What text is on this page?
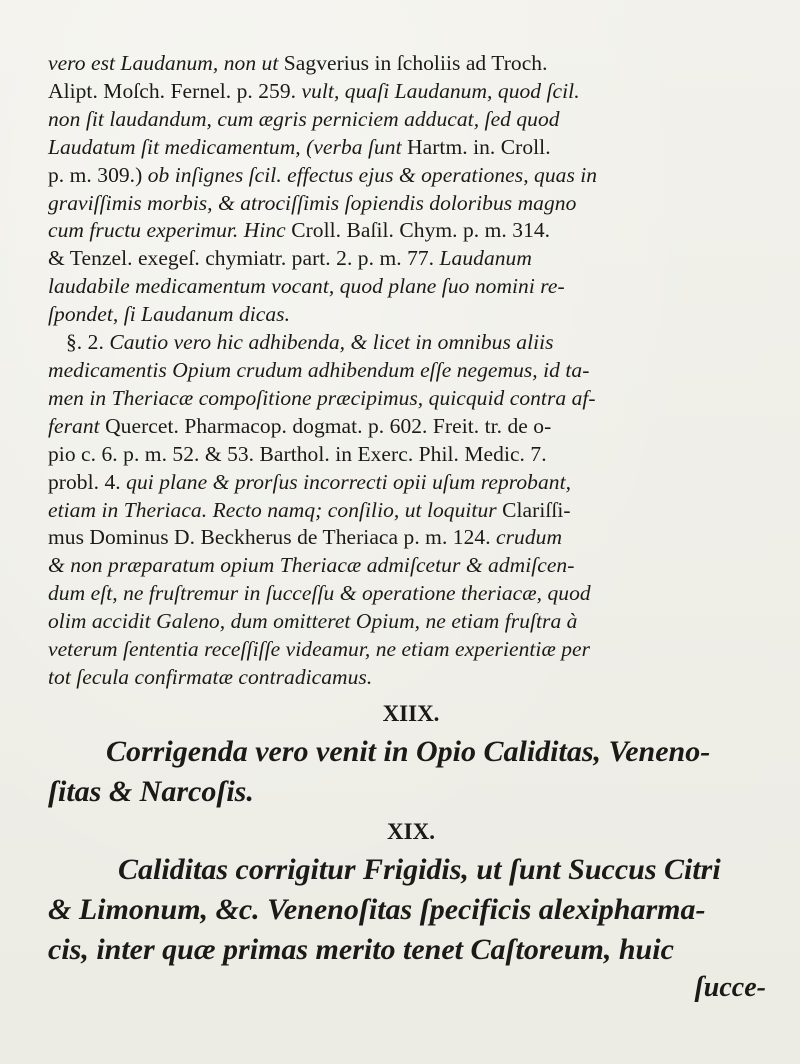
vero est Laudanum, non ut Sagverius in ſcholiis ad Troch.
Alipt. Moſch. Fernel. p. 259. vult, quaſi Laudanum, quod ſcil.
non ſit laudandum, cum ægris perniciem adducat, ſed quod
Laudatum ſit medicamentum, (verba ſunt Hartm. in. Croll.
p. m. 309.) ob inſignes ſcil. effectus ejus & operationes, quas in
graviſſimis morbis, & atrociſſimis ſopiendis doloribus magno
cum fructu experimur. Hinc Croll. Baſil. Chym. p. m. 314.
& Tenzel. exegeſ. chymiatr. part. 2. p. m. 77. Laudanum
laudabile medicamentum vocant, quod plane ſuo nomini re-
ſpondet, ſi Laudanum dicas.
§. 2. Cautio vero hic adhibenda, & licet in omnibus aliis
medicamentis Opium crudum adhibendum eſſe negemus, id ta-
men in Theriacæ compoſitione præcipimus, quicquid contra af-
ferant Quercet. Pharmacop. dogmat. p. 602. Freit. tr. de o-
pio c. 6. p. m. 52. & 53. Barthol. in Exerc. Phil. Medic. 7.
probl. 4. qui plane & prorſus incorrecti opii uſum reprobant,
etiam in Theriaca. Recto namq; conſilio, ut loquitur Clariſſi-
mus Dominus D. Beckherus de Theriaca p. m. 124. crudum
& non præparatum opium Theriacæ admiſcetur & admiſcen-
dum eſt, ne fruſtremur in ſucceſſu & operatione theriacæ, quod
olim accidit Galeno, dum omitteret Opium, ne etiam fruſtra à
veterum ſententia receſſiſſe videamur, ne etiam experientiæ per
tot ſecula confirmatæ contradicamus.
XIIX.
Corrigenda vero venit in Opio Caliditas, Veneno-
ſitas & Narcoſis.
XIX.
Caliditas corrigitur Frigidis, ut ſunt Succus Citri
& Limonum, &c. Venenoſitas ſpecificis alexipharma-
cis, inter quæ primas merito tenet Caſtoreum, huic
ſucce-
